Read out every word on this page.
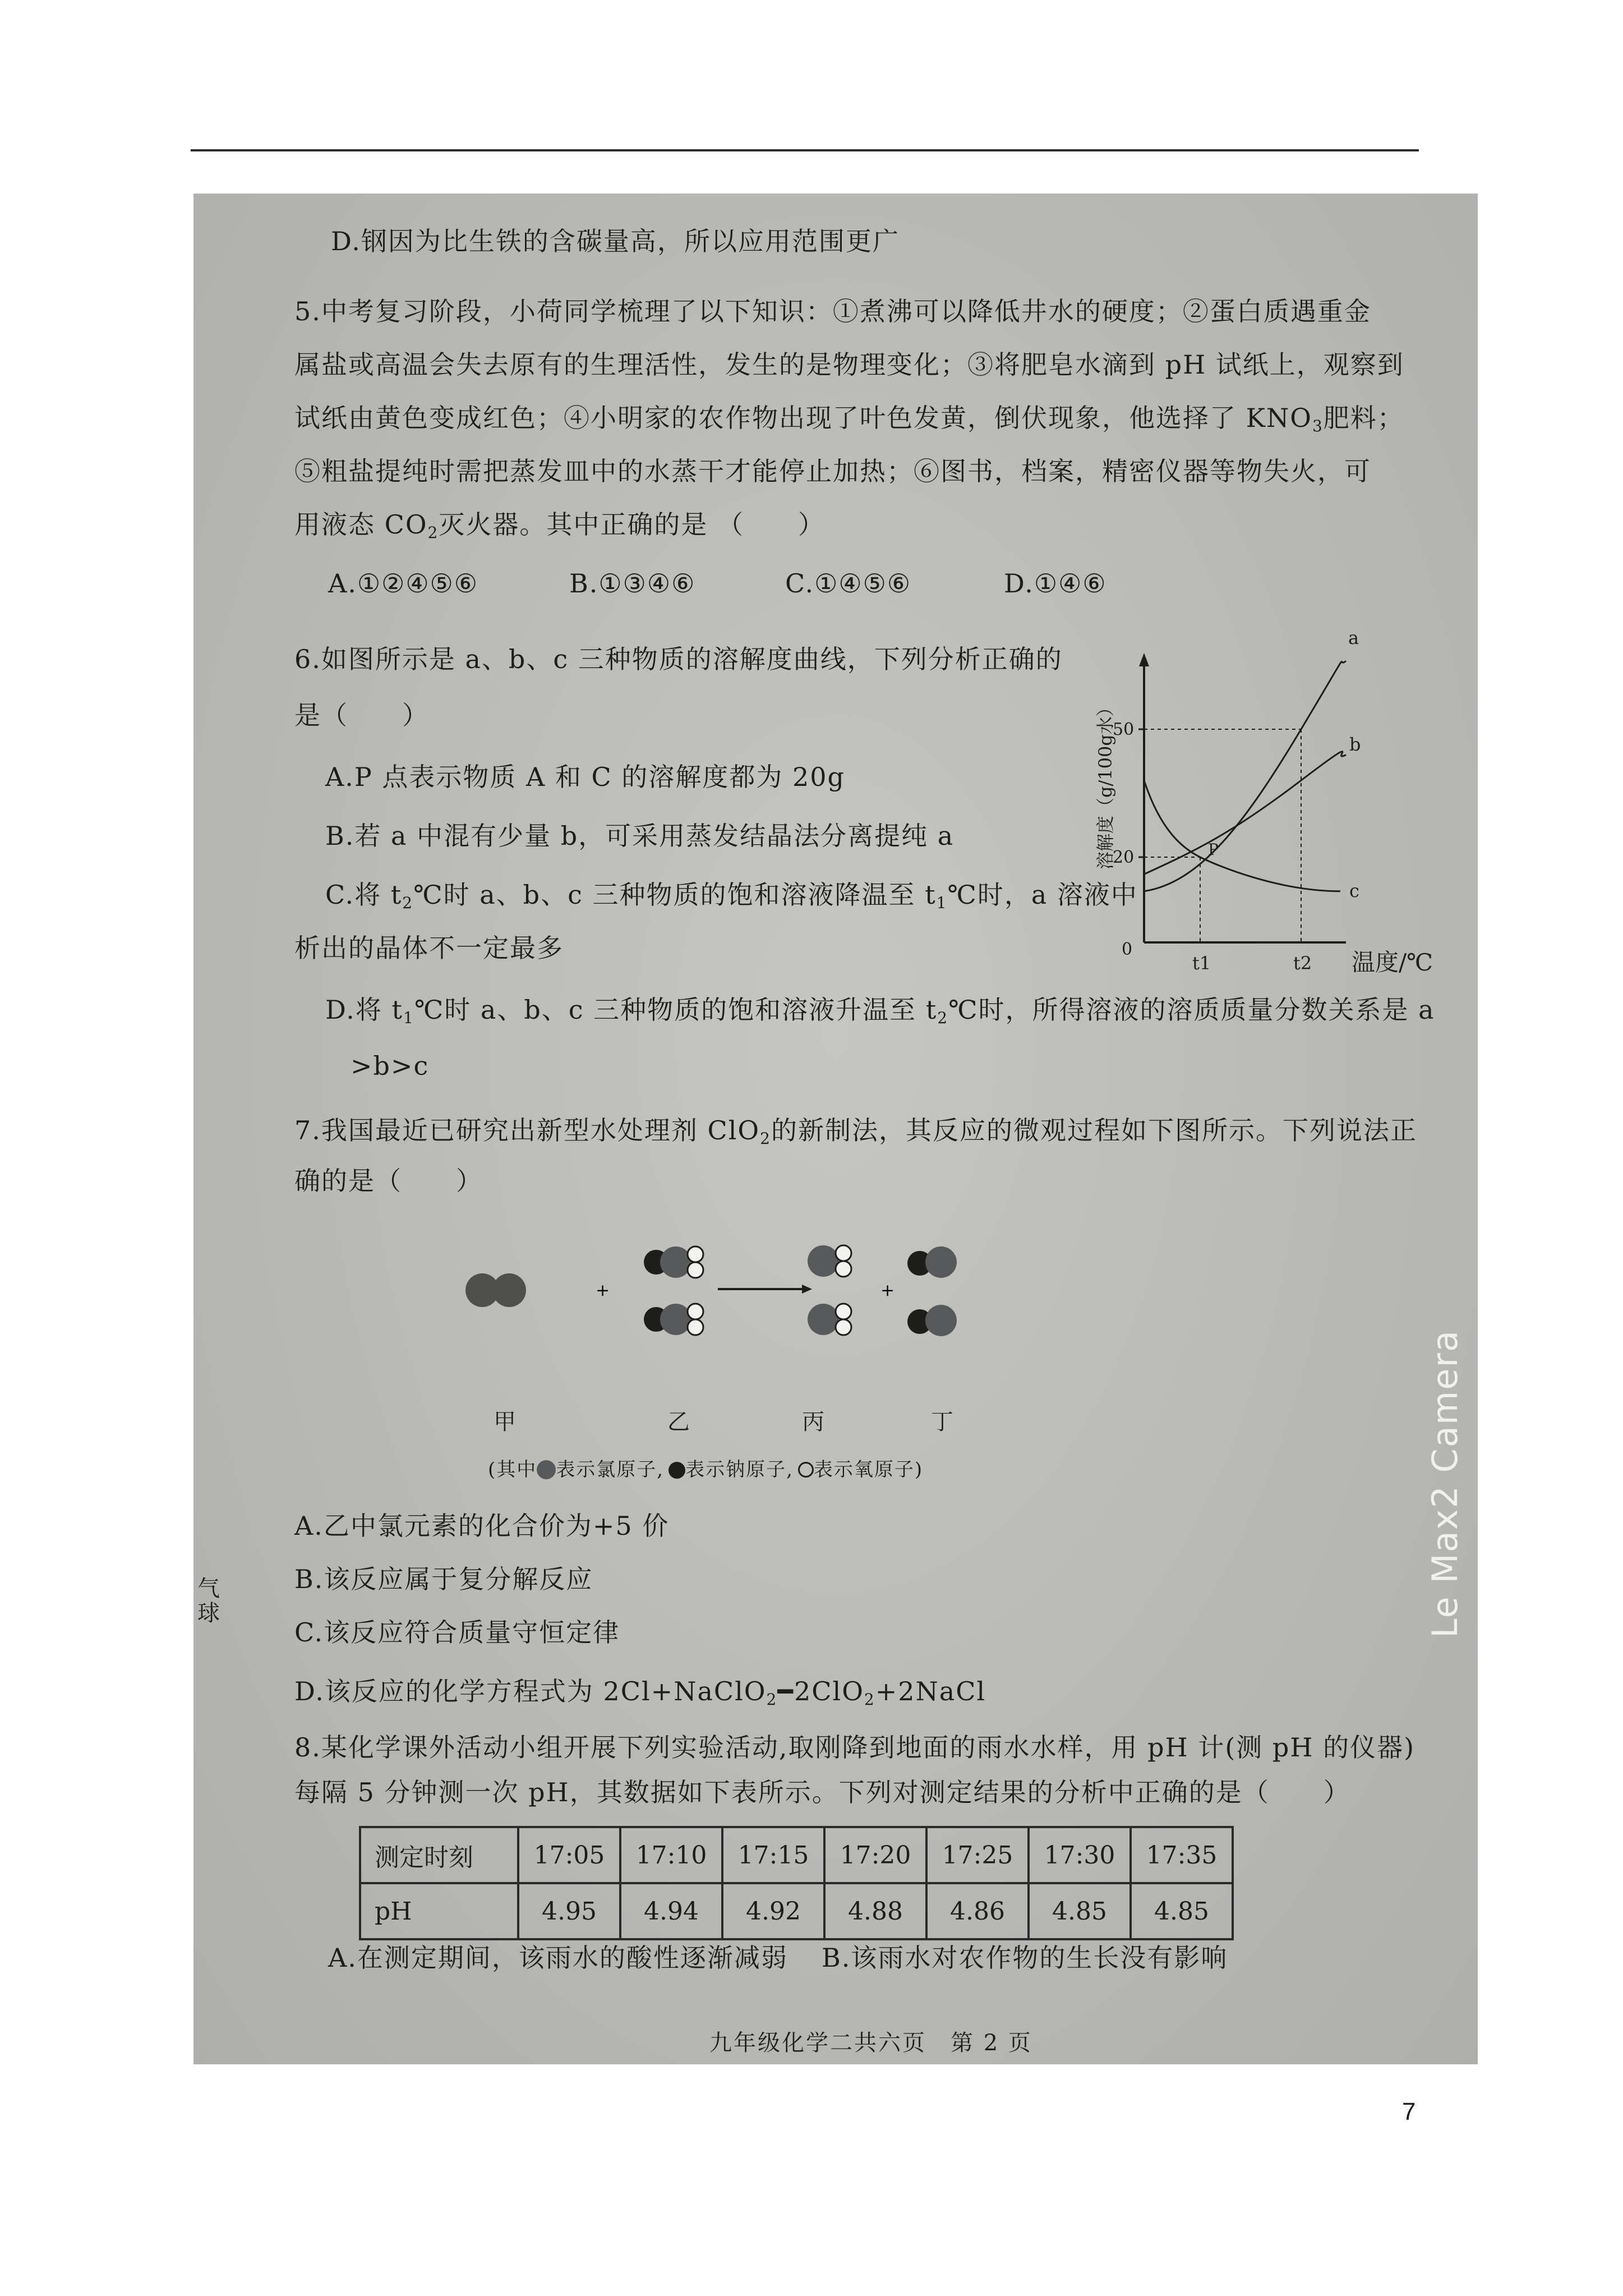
D.钢因为比生铁的含碳量高，所以应用范围更广
5.中考复习阶段，小荷同学梳理了以下知识：①煮沸可以降低井水的硬度；②蛋白质遇重金
属盐或高温会失去原有的生理活性，发生的是物理变化；③将肥皂水滴到 pH 试纸上，观察到
试纸由黄色变成红色；④小明家的农作物出现了叶色发黄，倒伏现象，他选择了 $KNO_3$肥料；
⑤粗盐提纯时需把蒸发皿中的水蒸干才能停止加热；⑥图书，档案，精密仪器等物失火，可
用液态 $CO_2$灭火器。其中正确的是 （　　）
A.①②④⑤⑥	B.①③④⑥	C.①④⑤⑥	D.①④⑥
6.如图所示是 a、b、c 三种物质的溶解度曲线，下列分析正确的
是（　　）
A.P 点表示物质 A 和 C 的溶解度都为 20g
B.若 a 中混有少量 b，可采用蒸发结晶法分离提纯 a
C.将 $t_2℃$时 a、b、c 三种物质的饱和溶液降温至 $t_1℃$时，a 溶液中
析出的晶体不一定最多
D.将 $t_1℃$时 a、b、c 三种物质的饱和溶液升温至 $t_2℃$时，所得溶液的溶质质量分数关系是 a
>b>c
0
溶解度（g/100g水）
温度/℃
20
50
t1	t2
a
b
c
P
7.我国最近已研究出新型水处理剂 ClO$_2$的新制法，其反应的微观过程如下图所示。下列说法正
确的是（　　）
+	+
甲	乙	丙	丁
(其中 表示氯原子, 表示钠原子, 表示氧原子)
A.乙中氯元素的化合价为+5 价
B.该反应属于复分解反应
C.该反应符合质量守恒定律
D.该反应的化学方程式为 2Cl+NaClO$_2$━2ClO$_2$+2NaCl
气球
8.某化学课外活动小组开展下列实验活动,取刚降到地面的雨水水样，用 pH 计(测 pH 的仪器)
每隔 5 分钟测一次 pH，其数据如下表所示。下列对测定结果的分析中正确的是（　　）
测定时刻	17:05	17:10	17:15	17:20	17:25	17:30	17:35
pH	4.95	4.94	4.92	4.88	4.86	4.85	4.85
A.在测定期间，该雨水的酸性逐渐减弱 B.该雨水对农作物的生长没有影响
九年级化学二共六页　第 2 页
Le Max2 Camera
7
